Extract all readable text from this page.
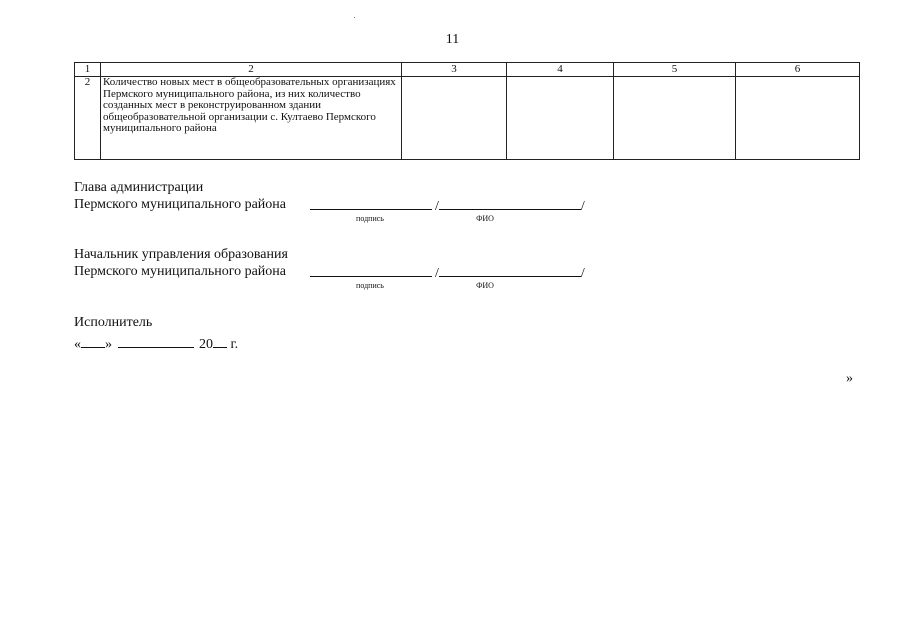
11
1	2	3	4	5	6
2	Количество новых мест в общеобразовательных организациях Пермского муниципального района, из них количество созданных мест в реконструированном здании общеобразовательной организации с. Култаево Пермского муниципального района				
Глава администрации
Пермского муниципального района	/	/
подпись	ФИО
Начальник управления образования
Пермского муниципального района	/	/
подпись	ФИО
Исполнитель
« »	20 г.
»
